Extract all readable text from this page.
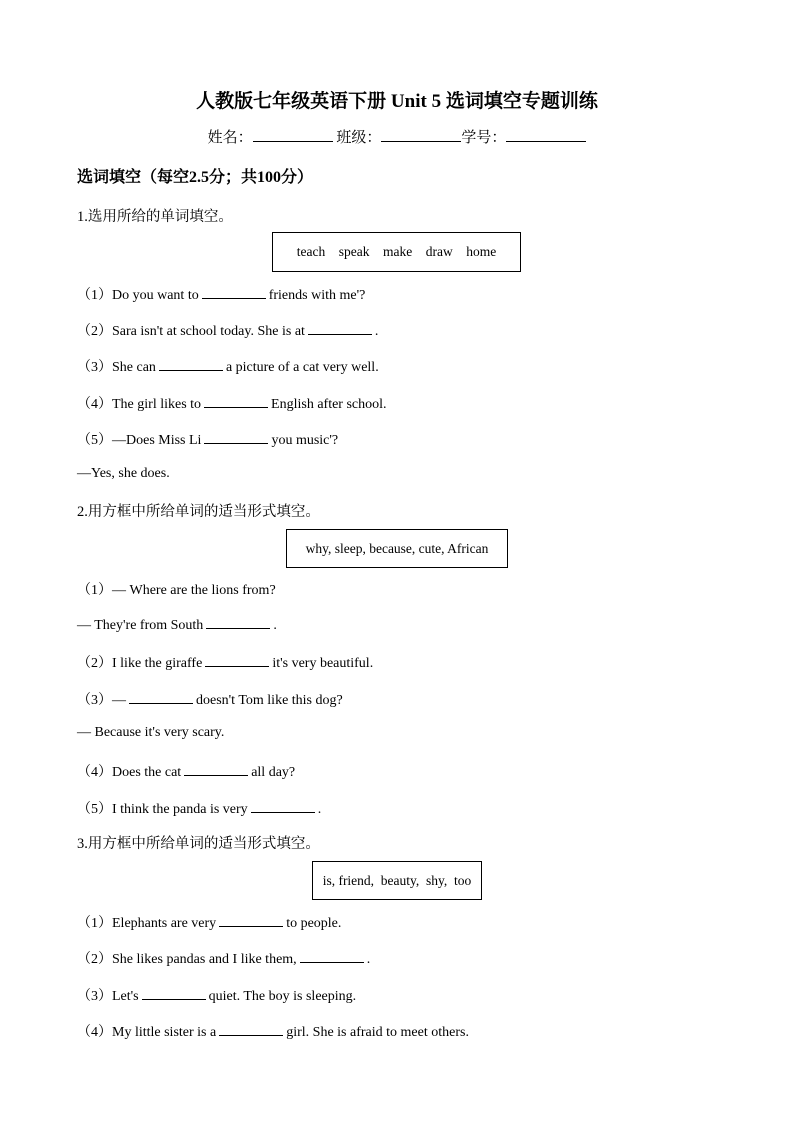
人教版七年级英语下册 Unit 5 选词填空专题训练
姓名：	班级：	学号：
选词填空（每空2.5分；共100分）
1.选用所给的单词填空。
teach    speak    make    draw    home
（1）Do you want to	friends with me'?
（2）Sara isn't at school today. She is at	.
（3）She can	a picture of a cat very well.
（4）The girl likes to	English after school.
（5）—Does Miss Li	you music'?
—Yes, she does.
2.用方框中所给单词的适当形式填空。
why, sleep, because, cute, African
（1）— Where are the lions from?
— They're from South	.
（2）I like the giraffe	it's very beautiful.
（3）—	doesn't Tom like this dog?
— Because it's very scary.
（4）Does the cat	all day?
（5）I think the panda is very	.
3.用方框中所给单词的适当形式填空。
is, friend,  beauty,  shy,  too
（1）Elephants are very	to people.
（2）She likes pandas and I like them,	.
（3）Let's	quiet. The boy is sleeping.
（4）My little sister is a	girl. She is afraid to meet others.
